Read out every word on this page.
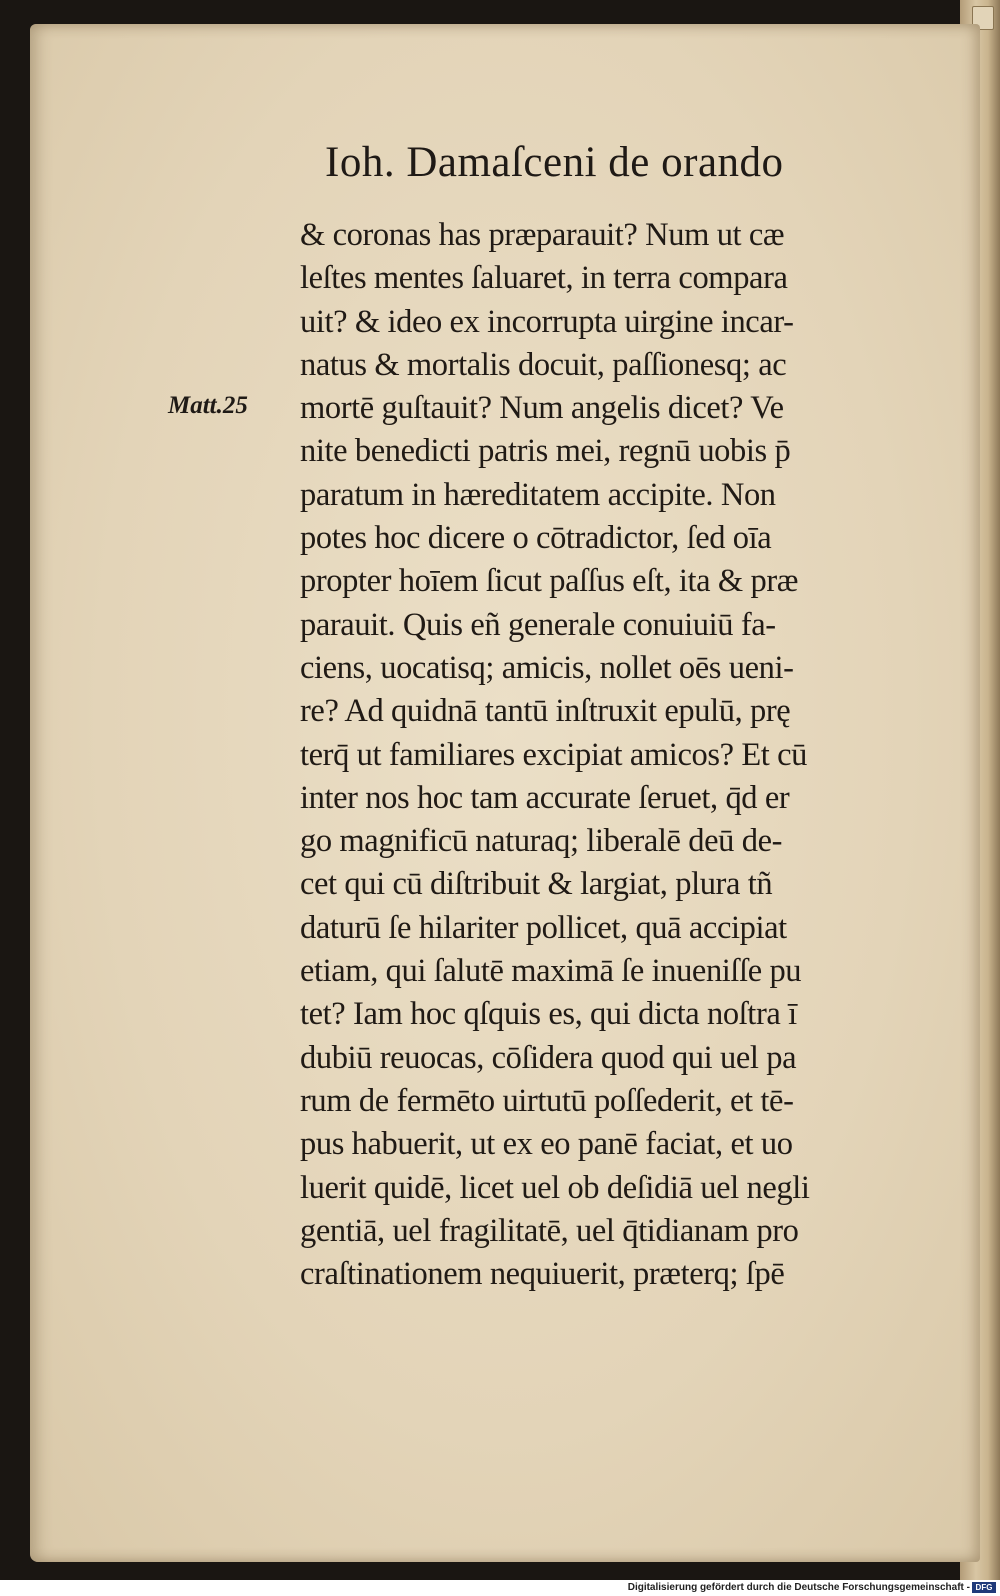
Ioh. Damaſceni de orando
Matt.25
& coronas has præparauit? Num ut cæ
leſtes mentes ſaluaret, in terra compara
uit? & ideo ex incorrupta uirgine incar-
natus & mortalis docuit, paſſionesq; ac
mortē guſtauit? Num angelis dicet? Ve
nite benedicti patris mei, regnū uobis p̄
paratum in hæreditatem accipite. Non
potes hoc dicere o cōtradictor, ſed oīa
propter hoīem ſicut paſſus eſt, ita & præ
parauit. Quis eñ generale conuiuiū fa-
ciens, uocatisq; amicis, nollet oēs ueni-
re? Ad quidnā tantū inſtruxit epulū, prę
terq̄ ut familiares excipiat amicos? Et cū
inter nos hoc tam accurate ſeruet, q̄d er
go magnificū naturaq; liberalē deū de-
cet qui cū diſtribuit & largiat, plura tñ
daturū ſe hilariter pollicet, quā accipiat
etiam, qui ſalutē maximā ſe inueniſſe pu
tet? Iam hoc qſquis es, qui dicta noſtra ī
dubiū reuocas, cōſidera quod qui uel pa
rum de fermēto uirtutū poſſederit, et tē-
pus habuerit, ut ex eo panē faciat, et uo
luerit quidē, licet uel ob deſidiā uel negli
gentiā, uel fragilitatē, uel q̄tidianam pro
craſtinationem nequiuerit, præterq; ſpē
Digitalisierung gefördert durch die Deutsche Forschungsgemeinschaft - DFG
